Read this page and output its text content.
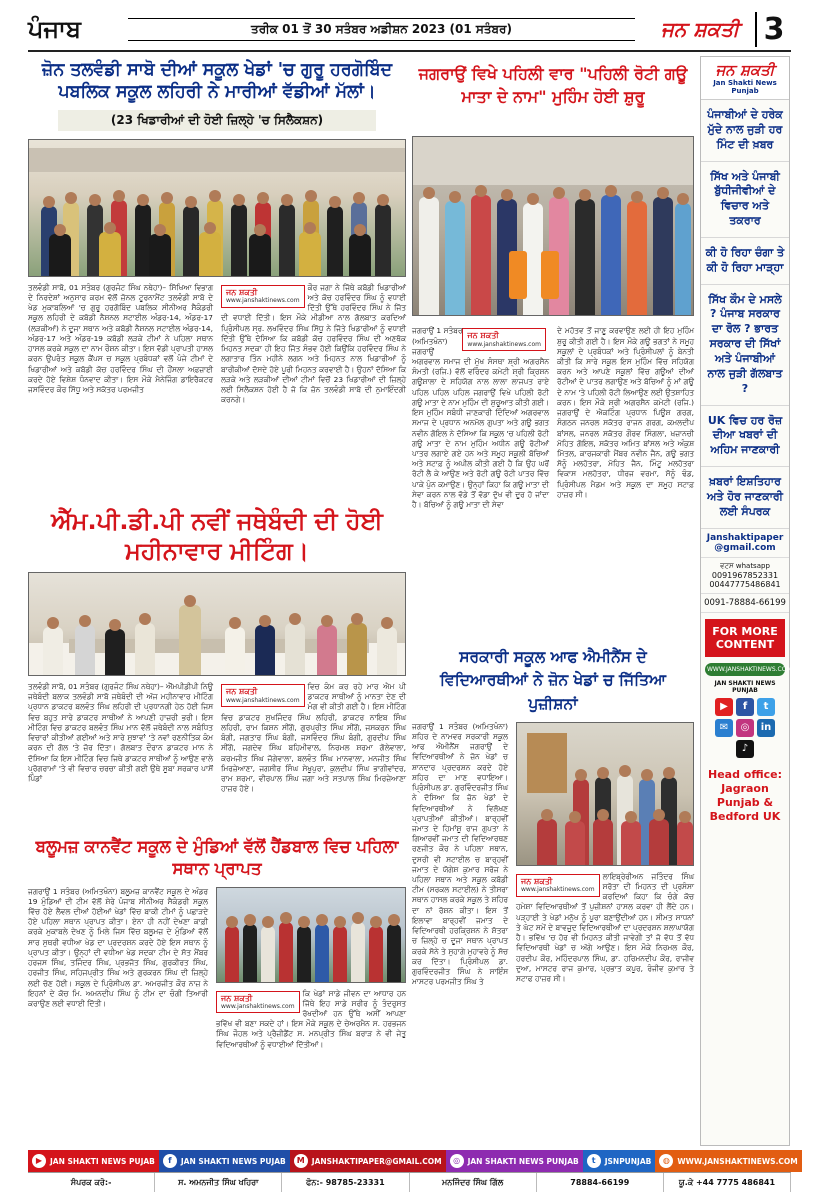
ਪੰਜਾਬ	ਤਰੀਕ 01 ਤੋਂ 30 ਸਤੰਬਰ ਅਡੀਸ਼ਨ 2023 (01 ਸਤੰਬਰ)	ਜਨ ਸ਼ਕਤੀ 3
ਜ਼ੋਨ ਤਲਵੰਡੀ ਸਾਬੋ ਦੀਆਂ ਸਕੂਲ ਖੇਡਾਂ 'ਚ ਗੁਰੂ ਹਰਗੋਬਿੰਦ ਪਬਲਿਕ ਸਕੂਲ ਲਹਿਰੀ ਨੇ ਮਾਰੀਆਂ ਵੱਡੀਆਂ ਮੱਲਾਂ।
(23 ਖਿਡਾਰੀਆਂ ਦੀ ਹੋਈ ਜ਼ਿਲ੍ਹੇ 'ਚ ਸਿਲੈਕਸ਼ਨ)

ਤਲਵੰਡੀ ਸਾਬੋ, 01 ਸਤੰਬਰ (ਗੁਰਜੰਟ ਸਿੰਘ ਨਥੇਹਾ)– ਸਿੱਖਿਆ ਵਿਭਾਗ ਦੇ ਨਿਰਦੇਸ਼ਾਂ ਅਨੁਸਾਰ ਕਰਮ ਵੱਲੋਂ ਜ਼ੋਨਲ ਟੂਰਨਾਮੈਂਟ ਤਲਵੰਡੀ ਸਾਬੋ ਦੇ ਖੇਡ ਮੁਕਾਬਲਿਆਂ 'ਚ ਗੁਰੂ ਹਰਗੋਬਿੰਦ ਪਬਲਿਕ ਸੀਨੀਅਰ ਸੈਕੰਡਰੀ ਸਕੂਲ ਲਹਿਰੀ ਦੇ ਕਬੱਡੀ ਨੈਸ਼ਨਲ ਸਟਾਈਲ ਅੰਡਰ-14, ਅੰਡਰ-17 (ਲੜਕੀਆਂ) ਨੇ ਦੂਜਾ ਸਥਾਨ ਅਤੇ ਕਬੱਡੀ ਨੈਸ਼ਨਲ ਸਟਾਈਲ ਅੰਡਰ-14, ਅੰਡਰ-17 ਅਤੇ ਅੰਡਰ-19 ਕਬੱਡੀ ਲੜਕੇ ਟੀਮਾਂ ਨੇ ਪਹਿਲਾ ਸਥਾਨ ਹਾਸਲ ਕਰਕੇ ਸਕੂਲ ਦਾ ਨਾਮ ਰੌਸ਼ਨ ਕੀਤਾ। ਇਸ ਵੱਡੀ ਪ੍ਰਾਪਤੀ ਹਾਸਲ ਕਰਨ ਉਪਰੰਤ ਸਕੂਲ ਕੈਂਪਸ ਚ ਸਕੂਲ ਪ੍ਰਬੰਧਕਾਂ ਵਲੋਂ ਪੰਜੇ ਟੀਮਾਂ ਦੇ ਖਿਡਾਰੀਆਂ ਅਤੇ ਕਬੱਡੀ ਕੋਚ ਹਰਵਿੰਦਰ ਸਿੰਘ ਦੀ ਹੌਂਸਲਾ ਅਫ਼ਜ਼ਾਈ ਕਰਦੇ ਹੋਏ ਵਿਸ਼ੇਸ਼ ਧੰਨਵਾਦ ਕੀਤਾ। ਇਸ ਮੌਕੇ ਮੈਨੇਜਿੰਗ ਡਾਇਰੈਕਟਰ ਜਸਵਿੰਦਰ ਕੌਰ ਸਿੱਧੂ ਅਤੇ ਸਕੱਤਰ ਪਰਮਜੀਤ

ਜਨ ਸ਼ਕਤੀ
www.janshaktinews.com

ਕੌਰ ਜਗਾ ਨੇ ਜਿੱਥੇ ਕਬੱਡੀ ਖਿਡਾਰੀਆਂ ਅਤੇ ਕੋਚ ਹਰਵਿੰਦਰ ਸਿੰਘ ਨੂੰ ਵਧਾਈ ਦਿੱਤੀ ਉੱਥੇ ਹਰਵਿੰਦਰ ਸਿੰਘ ਨੇ ਜਿੱਤ ਦੀ ਵਧਾਈ ਦਿੱਤੀ। ਇਸ ਮੌਕੇ ਮੀਡੀਆ ਨਾਲ ਗੱਲਬਾਤ ਕਰਦਿਆਂ ਪ੍ਰਿੰਸੀਪਲ ਸ੍ਰ. ਲਖਵਿੰਦਰ ਸਿੰਘ ਸਿੱਧੂ ਨੇ ਜਿੱਤੇ ਖਿਡਾਰੀਆਂ ਨੂੰ ਵਧਾਈ ਦਿੱਤੀ ਉੱਥੇ ਦੱਸਿਆ ਕਿ ਕਬੱਡੀ ਕੋਚ ਹਰਵਿੰਦਰ ਸਿੰਘ ਦੀ ਅਣਥੱਕ ਮਿਹਨਤ ਸਦਕਾ ਹੀ ਇਹ ਜਿੱਤ ਸੰਭਵ ਹੋਈ ਕਿਉਂਕਿ ਹਰਵਿੰਦਰ ਸਿੰਘ ਨੇ ਲਗਾਤਾਰ ਤਿੰਨ ਮਹੀਨੇ ਲਗਨ ਅਤੇ ਮਿਹਨਤ ਨਾਲ ਖਿਡਾਰੀਆਂ ਨੂੰ ਬਾਰੀਕੀਆਂ ਦੱਸਦੇ ਹੋਏ ਪੂਰੀ ਮਿਹਨਤ ਕਰਵਾਈ ਹੈ। ਉਹਨਾਂ ਦੱਸਿਆ ਕਿ ਲੜਕੇ ਅਤੇ ਲੜਕੀਆਂ ਦੀਆਂ ਟੀਮਾਂ ਵਿਚੋਂ 23 ਖਿਡਾਰੀਆਂ ਦੀ ਜ਼ਿਲ੍ਹੇ ਲਈ ਸਿਲੈਕਸ਼ਨ ਹੋਈ ਹੈ ਜੋ ਕਿ ਜ਼ੋਨ ਤਲਵੰਡੀ ਸਾਬੋ ਦੀ ਨੁਮਾਇੰਦਗੀ ਕਰਨਗੇ।

ਐੱਮ.ਪੀ.ਡੀ.ਪੀ ਨਵੀਂ ਜਥੇਬੰਦੀ ਦੀ ਹੋਈ ਮਹੀਨਾਵਾਰ ਮੀਟਿੰਗ।

ਤਲਵੰਡੀ ਸਾਬੋ, 01 ਸਤੰਬਰ (ਗੁਰਜੰਟ ਸਿੰਘ ਨਥੇਹਾ)– ਐੱਮਪੀਡੀਪੀ ਨਿਊ ਜਥੇਬੰਦੀ ਬਲਾਕ ਤਲਵੰਡੀ ਸਾਬੋ ਜਥੇਬੰਦੀ ਦੀ ਅੱਜ ਮਹੀਨਾਵਾਰ ਮੀਟਿੰਗ ਪ੍ਰਧਾਨ ਡਾਕਟਰ ਬਲਵੰਤ ਸਿੰਘ ਲਹਿਰੀ ਦੀ ਪ੍ਰਧਾਨਗੀ ਹੇਠ ਹੋਈ ਜਿਸ ਵਿਚ ਬਹੁਤ ਸਾਰੇ ਡਾਕਟਰ ਸਾਥੀਆਂ ਨੇ ਆਪਣੀ ਹਾਜ਼ਰੀ ਭਰੀ। ਇਸ ਮੀਟਿੰਗ ਵਿਚ ਡਾਕਟਰ ਬਲਵੰਤ ਸਿੰਘ ਮਾਨ ਵੱਲੋਂ ਜਥੇਬੰਦੀ ਨਾਲ ਸਬੰਧਿਤ ਵਿਚਾਰਾਂ ਕੀਤੀਆਂ ਗਈਆਂ ਅਤੇ ਸਾਰੇ ਸੁਝਾਵਾਂ 'ਤੇ ਨਵਾਂ ਰਣਨੀਤਿਕ ਕੰਮ ਕਰਨ ਦੀ ਗੱਲ 'ਤੇ ਜ਼ੋਰ ਦਿੱਤਾ। ਗੱਲਬਾਤ ਦੌਰਾਨ ਡਾਕਟਰ ਮਾਨ ਨੇ ਦੱਸਿਆ ਕਿ ਇਸ ਮੀਟਿੰਗ ਵਿਚ ਜਿਥੇ ਡਾਕਟਰ ਸਾਥੀਆਂ ਨੂੰ ਆਉਣ ਵਾਲੇ ਪ੍ਰੋਗਰਾਮਾਂ 'ਤੇ ਵੀ ਵਿਚਾਰ ਚਰਚਾ ਕੀਤੀ ਗਈ ਉਥੇ ਸੂਬਾ ਸਰਕਾਰ ਪਾਸੋਂ ਪਿੰਡਾਂ

ਜਨ ਸ਼ਕਤੀ
www.janshaktinews.com

ਵਿਚ ਕੰਮ ਕਰ ਰਹੇ ਮਾਰ ਐਮ ਪੀ ਡਾਕਟਰ ਸਾਥੀਆਂ ਨੂੰ ਮਾਨਤਾ ਦੇਣ ਦੀ ਮੰਗ ਵੀ ਕੀਤੀ ਗਈ ਹੈ। ਇਸ ਮੀਟਿੰਗ ਵਿਚ ਡਾਕਟਰ ਸੁਖਜਿੰਦਰ ਸਿੰਘ ਲਹਿਰੀ, ਡਾਕਟਰ ਨਾਇਬ ਸਿੰਘ ਲਹਿਰੀ, ਰਾਮ ਕਿਸ਼ਨ ਸੀਂਗੋ, ਗੁਰਪ੍ਰੀਤ ਸਿੰਘ ਸੀਂਗੋ, ਜਸਕਰਨ ਸਿੰਘ ਬੰਗੀ, ਜਗਤਾਰ ਸਿੰਘ ਬੰਗੀ, ਜਸਵਿੰਦਰ ਸਿੰਘ ਬੰਗੀ, ਗੁਰਦੀਪ ਸਿੰਘ ਸੀਂਗੋ, ਜਗਦੇਵ ਸਿੰਘ ਬਹਿਮੀਵਾਲ, ਨਿਰਮਲ ਸ਼ਰਮਾ ਗੋਲੇਵਾਲਾ, ਕਰਮਜੀਤ ਸਿੰਘ ਜੋਗੇਵਾਲਾ, ਬਲਵੰਤ ਸਿੰਘ ਮਾਨਵਾਲਾ, ਮਨਜੀਤ ਸਿੰਘ ਮਿਰਜ਼ੇਆਣਾ, ਜਗਸੀਰ ਸਿੰਘ ਸੇਖੂਪੁਰਾ, ਕੁਲਦੀਪ ਸਿੰਘ ਭਾਗੀਵਾਂਦਰ, ਰਾਮ ਸ਼ਰਮਾ, ਵੀਰਪਾਲ ਸਿੰਘ ਜਗਾ ਅਤੇ ਸਤਪਾਲ ਸਿੰਘ ਮਿਰਜ਼ੇਆਣਾ ਹਾਜ਼ਰ ਹੋਏ।

ਬਲੂਮਜ਼ ਕਾਨਵੈਂਟ ਸਕੂਲ ਦੇ ਮੁੰਡਿਆਂ ਵੱਲੋਂ ਹੈਂਡਬਾਲ ਵਿਚ ਪਹਿਲਾ ਸਥਾਨ ਪ੍ਰਾਪਤ

ਜਗਰਾਉਂ 1 ਸਤੰਬਰ (ਅਮਿਤਖੰਨਾ) ਬਲੂਮਜ਼ ਕਾਨਵੈਂਟ ਸਕੂਲ ਦੇ ਅੰਡਰ 19 ਮੁੰਡਿਆਂ ਦੀ ਟੀਮ ਵੱਲੋਂ ਸ਼ੇਰੇ ਪੰਜਾਬ ਸੀਨੀਅਰ ਸੈਕੰਡਰੀ ਸਕੂਲ ਵਿੱਚ ਹੋਏ ਲੈਵਲ ਦੀਆਂ ਹੋਈਆਂ ਖੇਡਾਂ ਵਿੱਚ ਬਾਕੀ ਟੀਮਾਂ ਨੂੰ ਪਛਾੜਦੇ ਹੋਏ ਪਹਿਲਾ ਸਥਾਨ ਪ੍ਰਾਪਤ ਕੀਤਾ। ਏਨਾ ਹੀ ਨਹੀਂ ਦੇਖਣਾ ਕਾਫ਼ੀ ਕਰਕੇ ਮੁਕਾਬਲੇ ਦੇਖਣ ਨੂੰ ਮਿਲੇ ਜਿਸ ਵਿੱਚ ਬਲੂਮਜ਼ ਦੇ ਮੁੰਡਿਆਂ ਵੱਲੋਂ ਸਾਰ ਸੁਥਰੀ ਵਧੀਆ ਖੇਡ ਦਾ ਪ੍ਰਦਰਸ਼ਨ ਕਰਦੇ ਹੋਏ ਇਸ ਸਥਾਨ ਨੂੰ ਪ੍ਰਾਪਤ ਕੀਤਾ। ਉਨ੍ਹਾਂ ਦੀ ਵਧੀਆ ਖੇਡ ਸਦਕਾ ਟੀਮ ਦੇ ਸੱਤ ਮੈਂਬਰ ਹਰਜਸ ਸਿੰਘ, ਤਜਿੰਦਰ ਸਿੰਘ, ਪ੍ਰਭਜੋਤ ਸਿੰਘ, ਗੁਰਕੀਰਤ ਸਿੰਘ, ਹਰਜੀਤ ਸਿੰਘ, ਸਹਿਜਪ੍ਰੀਤ ਸਿੰਘ ਅਤੇ ਗੁਰਕਰਨ ਸਿੰਘ ਦੀ ਜ਼ਿਲ੍ਹੇ ਲਈ ਚੋਣ ਹੋਈ। ਸਕੂਲ ਦੇ ਪ੍ਰਿੰਸੀਪਲ ਡਾ. ਅਮਰਜੀਤ ਕੌਰ ਨਾਜ਼ ਨੇ ਇਹਨਾਂ ਦੇ ਕੋਚ ਮਿ. ਅਮਨਦੀਪ ਸਿੰਘ ਨੂੰ ਟੀਮ ਦਾ ਚੰਗੀ ਤਿਆਰੀ ਕਰਾਉਣ ਲਈ ਵਧਾਈ ਦਿੱਤੀ।

ਜਨ ਸ਼ਕਤੀ
www.janshaktinews.com

ਕਿ ਖੇਡਾਂ ਸਾਡੇ ਜੀਵਨ ਦਾ ਆਧਾਰ ਹਨ ਜਿੱਥੇ ਇਹ ਸਾਡੇ ਸਰੀਰ ਨੂੰ ਤੰਦਰੁਸਤ ਰੱਖਦੀਆਂ ਹਨ ਉੱਥੇ ਅਸੀਂ ਆਪਣਾ ਭਵਿੱਖ ਵੀ ਬਣਾ ਸਕਦੇ ਹਾਂ। ਇਸ ਮੌਕੇ ਸਕੂਲ ਦੇ ਚੇਅਰਮੈਨ ਸ. ਹਰਭਜਨ ਸਿੰਘ ਜੌਹਲ ਅਤੇ ਪ੍ਰੈਜ਼ੀਡੈਂਟ ਸ. ਮਨਪ੍ਰੀਤ ਸਿੰਘ ਬਰਾੜ ਨੇ ਵੀ ਜੇਤੂ ਵਿਦਿਆਰਥੀਆਂ ਨੂੰ ਵਧਾਈਆਂ ਦਿੱਤੀਆਂ।

ਜਗਰਾਉਂ ਵਿਖੇ ਪਹਿਲੀ ਵਾਰ "ਪਹਿਲੀ ਰੋਟੀ ਗਊ ਮਾਤਾ ਦੇ ਨਾਮ" ਮੁਹਿੰਮ ਹੋਈ ਸ਼ੁਰੂ
ਜਨ ਸ਼ਕਤੀ
www.janshaktinews.com

ਜਗਰਾਉਂ 1 ਸਤੰਬਰ (ਅਮਿਤਖੰਨਾ) ਜਗਰਾਉਂ ਅਗਰਵਾਲ ਸਮਾਜ ਦੀ ਮੁੱਖ ਸੰਸਥਾ ਸ਼੍ਰੀ ਅਗਰਸੈਨ ਸੰਮਤੀ (ਰਜਿ.) ਵੱਲੋਂ ਵਰਿੰਦਰ ਕਮੇਟੀ ਸ਼੍ਰੀ ਕ੍ਰਿਸ਼ਨ ਗਊਸ਼ਾਲਾ ਦੇ ਸਹਿਯੋਗ ਨਾਲ ਲਾਲਾ ਲਾਜਪਤ ਰਾਏ ਪਹਿਲ ਪਹਿਲ ਪਹਿਲ ਜਗਰਾਉਂ ਵਿਖੇ ਪਹਿਲੀ ਰੋਟੀ ਗਊ ਮਾਤਾ ਦੇ ਨਾਮ ਮੁਹਿੰਮ ਦੀ ਸ਼ੁਰੂਆਤ ਕੀਤੀ ਗਈ। ਇਸ ਮੁਹਿੰਮ ਸਬੰਧੀ ਜਾਣਕਾਰੀ ਦਿੰਦਿਆਂ ਅਗਰਵਾਲ ਸਮਾਜ ਦੇ ਪ੍ਰਧਾਨ ਅਨਮੋਲ ਗੁਪਤਾ ਅਤੇ ਗਊ ਭਗਤ ਨਵੀਨ ਗੋਇਲ ਨੇ ਦੱਸਿਆ ਕਿ ਸਕੂਲ 'ਚ ਪਹਿਲੀ ਰੋਟੀ ਗਊ ਮਾਤਾ ਦੇ ਨਾਮ ਮੁਹਿੰਮ ਅਧੀਨ ਗਊ ਰੋਟੀਆਂ ਪਾਤਰ ਲਗਾਏ ਗਏ ਹਨ ਅਤੇ ਸਮੂਹ ਸਕੂਲੀ ਬੱਚਿਆਂ ਅਤੇ ਸਟਾਫ਼ ਨੂੰ ਅਪੀਲ ਕੀਤੀ ਗਈ ਹੈ ਕਿ ਉਹ ਘਰੋਂ ਰੋਟੀ ਲੈ ਕੇ ਆਉਣ ਅਤੇ ਰੋਟੀ ਗਊ ਰੋਟੀ ਪਾਤਰ ਵਿੱਚ ਪਾਕੇ ਪੁੰਨ ਕਮਾਉਣ। ਉਨ੍ਹਾਂ ਕਿਹਾ ਕਿ ਗਊ ਮਾਤਾ ਦੀ ਸੇਵਾ ਕਰਨ ਨਾਲ ਵੱਡੇ ਤੋਂ ਵੱਡਾ ਦੁੱਖ ਵੀ ਦੂਰ ਹੋ ਜਾਂਦਾ ਹੈ। ਬੱਚਿਆਂ ਨੂੰ ਗਊ ਮਾਤਾ ਦੀ ਸੇਵਾ

ਦੇ ਮਹੱਤਵ ਤੋਂ ਜਾਣੂ ਕਰਵਾਉਣ ਲਈ ਹੀ ਇਹ ਮੁਹਿੰਮ ਸ਼ੁਰੂ ਕੀਤੀ ਗਈ ਹੈ। ਇਸ ਮੌਕੇ ਗਊ ਭਗਤਾਂ ਨੇ ਸਮੂਹ ਸਕੂਲਾਂ ਦੇ ਪ੍ਰਬੰਧਕਾਂ ਅਤੇ ਪ੍ਰਿੰਸੀਪਲਾਂ ਨੂੰ ਬੇਨਤੀ ਕੀਤੀ ਕਿ ਸਾਰੇ ਸਕੂਲ ਇਸ ਮੁਹਿੰਮ ਵਿੱਚ ਸਹਿਯੋਗ ਕਰਨ ਅਤੇ ਆਪਣੇ ਸਕੂਲਾਂ ਵਿੱਚ ਗਊਆਂ ਦੀਆਂ ਰੋਟੀਆਂ ਦੇ ਪਾਤਰ ਲਗਾਉਣ ਅਤੇ ਬੱਚਿਆਂ ਨੂੰ ਮਾਂ ਗਊ ਦੇ ਨਾਮ 'ਤੇ ਪਹਿਲੀ ਰੋਟੀ ਲਿਆਉਣ ਲਈ ਉਤਸ਼ਾਹਿਤ ਕਰਨ। ਇਸ ਮੌਕੇ ਸ਼੍ਰੀ ਅਗਰਸੈਨ ਕਮੇਟੀ (ਰਜਿ.) ਜਗਰਾਉਂ ਦੇ ਐਕਟਿੰਗ ਪ੍ਰਧਾਨ ਪਿਊਸ਼ ਗਰਗ, ਸੰਗਠਨ ਜਨਰਲ ਸਕੱਤਰ ਰਾਜਨ ਗਰਗ, ਕਮਲਦੀਪ ਬਾਂਸਲ, ਜਨਰਲ ਸਕੱਤਰ ਗੌਰਵ ਸਿੰਗਲਾ, ਖ਼ਜ਼ਾਨਚੀ ਮੋਹਿਤ ਗੋਇਲ, ਸਕੱਤਰ ਅਮਿਤ ਬਾਂਸਲ ਅਤੇ ਅੰਕੁਸ਼ ਮਿੱਤਲ, ਕਾਰਜਕਾਰੀ ਮੈਂਬਰ ਨਵੀਨ ਜੈਨ, ਗਊ ਭਗਤ ਸੋਨੂੰ ਮਲਹੋਤਰਾ, ਮੋਹਿਤ ਜੈਨ, ਮਿੰਟੂ ਮਲਹੋਤਰਾ ਵਿਕਾਸ ਮਲਹੋਤਰਾ, ਧੀਰਜ ਵਰਮਾ, ਸੋਨੂੰ ਢੰਡ, ਪ੍ਰਿੰਸੀਪਲ ਮੈਡਮ ਅਤੇ ਸਕੂਲ ਦਾ ਸਮੂਹ ਸਟਾਫ਼ ਹਾਜ਼ਰ ਸੀ।

ਸਰਕਾਰੀ ਸਕੂਲ ਆਫ ਐਮੀਨੈਂਸ ਦੇ ਵਿਦਿਆਰਥੀਆਂ ਨੇ ਜ਼ੋਨ ਖੇਡਾਂ ਚ ਜਿੱਤਿਆ ਪੁਜ਼ੀਸ਼ਨਾਂ

ਜਗਰਾਉਂ 1 ਸਤੰਬਰ (ਅਮਿਤਖੰਨਾ) ਸ਼ਹਿਰ ਦੇ ਨਾਮਵਰ ਸਰਕਾਰੀ ਸਕੂਲ ਆਫ ਐਮੀਨੈਂਸ ਜਗਰਾਉਂ ਦੇ ਵਿਦਿਆਰਥੀਆਂ ਨੇ ਜ਼ੋਨ ਖੇਡਾਂ ਚ ਸ਼ਾਨਦਾਰ ਪ੍ਰਦਰਸ਼ਨ ਕਰਦੇ ਹੋਏ ਸ਼ਹਿਰ ਦਾ ਮਾਣ ਵਧਾਇਆ। ਪ੍ਰਿੰਸੀਪਲ ਡਾ. ਗੁਰਵਿੰਦਰਜੀਤ ਸਿੰਘ ਨੇ ਦੱਸਿਆ ਕਿ ਜ਼ੋਨ ਖੇਡਾਂ ਦੇ ਵਿਦਿਆਰਥੀਆਂ ਨੇ ਵਿਲੱਖਣ ਪ੍ਰਾਪਤੀਆਂ ਕੀਤੀਆਂ। ਬਾਰ੍ਹਵੀਂ ਜਮਾਤ ਦੇ ਹਿਮਾਂਸ਼ੂ ਰਾਜ ਗੁਪਤਾ ਨੇ ਗਿਆਰਵੀਂ ਜਮਾਤ ਦੀ ਵਿਦਿਆਰਥਣ ਰਣਜੀਤ ਕੌਰ ਨੇ ਪਹਿਲਾ ਸਥਾਨ, ਦੁਸਰੀ ਵੀ ਸਟਾਈਲ ਚ ਬਾਰ੍ਹਵੀਂ ਜਮਾਤ ਦੇ ਯੋਗੇਸ਼ ਕੁਮਾਰ ਸਰੋਜ ਨੇ ਪਹਿਲਾ ਸਥਾਨ ਅਤੇ ਸਕੂਲ ਕਬੱਡੀ ਟੀਮ (ਸਰਕਲ ਸਟਾਈਲ) ਨੇ ਤੀਸਰਾ ਸਥਾਨ ਹਾਸਲ ਕਰਕੇ ਸਕੂਲ ਤੇ ਸ਼ਹਿਰ ਦਾ ਨਾਂ ਰੋਸ਼ਨ ਕੀਤਾ। ਇਸ ਤੋਂ ਇਲਾਵਾ ਬਾਰ੍ਹਵੀਂ ਜਮਾਤ ਦੇ ਵਿਦਿਆਰਥੀ ਹਰਕ੍ਰਿਸ਼ਨ ਨੇ ਸ਼ੱਤਰਾ ਚ ਜ਼ਿਲ੍ਹੇ ਚ ਦੂਜਾ ਸਥਾਨ ਪ੍ਰਾਪਤ ਕਰਕੇ ਸੋਨੇ ਤੇ ਸੁਹਾਗੇ ਮੁਹਾਵਰੇ ਨੂੰ ਸੱਚ ਕਰ ਦਿੱਤਾ। ਪ੍ਰਿੰਸੀਪਲ ਡਾ. ਗੁਰਵਿੰਦਰਜੀਤ ਸਿੰਘ ਨੇ ਸਾਇੰਸ ਮਾਸਟਰ ਪਰਮਜੀਤ ਸਿੰਘ ਤੇ

ਜਨ ਸ਼ਕਤੀ
www.janshaktinews.com

ਲਾਇਬ੍ਰੇਰੀਅਨ ਜਤਿੰਦਰ ਸਿੰਘ ਸਰੋਤਾ ਦੀ ਮਿਹਨਤ ਦੀ ਪ੍ਰਸੰਸਾ ਕਰਦਿਆਂ ਕਿਹਾ ਕਿ ਚੰਗੇ ਕੋਚ ਹਮੇਸ਼ਾ ਵਿਦਿਆਰਥੀਆਂ ਤੋਂ ਪੁਜ਼ੀਸ਼ਨਾਂ ਹਾਸਲ ਕਰਵਾ ਹੀ ਲੈਂਦੇ ਹਨ। ਪੜ੍ਹਾਈ ਤੇ ਖੇਡਾਂ ਮਨੁੱਖ ਨੂੰ ਪੂਰਾ ਬਣਾਉਂਦੀਆਂ ਹਨ। ਸੀਮਤ ਸਾਧਨਾਂ ਤੇ ਘੱਟ ਸਮੇਂ ਦੇ ਬਾਵਜੂਦ ਵਿਦਿਆਰਥੀਆਂ ਦਾ ਪ੍ਰਦਰਸ਼ਨ ਸ਼ਲਾਘਾਯੋਗ ਹੈ। ਭਵਿੱਖ 'ਚ ਹੋਰ ਵੀ ਮਿਹਨਤ ਕੀਤੀ ਜਾਵੇਗੀ ਤਾਂ ਜੋ ਵੱਧ ਤੋਂ ਵੱਧ ਵਿਦਿਆਰਥੀ ਖੇਡਾਂ ਚ ਅੱਗੇ ਆਉਣ। ਇਸ ਮੌਕੇ ਨਿਰਮਲ ਕੌਰ, ਹਰਦੀਪ ਕੌਰ, ਮਹਿੰਦਰਪਾਲ ਸਿੰਘ, ਡਾ. ਹਰਿਮਨਦੀਪ ਕੌਰ, ਰਾਜੀਵ ਦੁਆ, ਮਾਸਟਰ ਰਾਜ ਕੁਮਾਰ, ਪ੍ਰਭਾਤ ਕਪੂਰ, ਰੰਜੀਵ ਕੁਮਾਰ ਤੇ ਸਟਾਫ ਹਾਜ਼ਰ ਸੀ।

ਜਨ ਸ਼ਕਤੀ
Jan Shakti News Punjab
ਪੰਜਾਬੀਆਂ ਦੇ ਹਰੇਕ ਮੁੱਦੇ ਨਾਲ ਜੁੜੀ ਹਰ ਮਿੰਟ ਦੀ ਖ਼ਬਰ
ਸਿੱਖ ਅਤੇ ਪੰਜਾਬੀ ਬੁੱਧੀਜੀਵੀਆਂ ਦੇ ਵਿਚਾਰ ਅਤੇ ਤਕਰਾਰ
ਕੀ ਹੋ ਰਿਹਾ ਚੰਗਾ ਤੇ ਕੀ ਹੋ ਰਿਹਾ ਮਾੜ੍ਹਾ
ਸਿੱਖ ਕੌਮ ਦੇ ਮਸਲੇ ? ਪੰਜਾਬ ਸਰਕਾਰ ਦਾ ਰੋਲ ? ਭਾਰਤ ਸਰਕਾਰ ਦੀ ਸਿੱਖਾਂ ਅਤੇ ਪੰਜਾਬੀਆਂ ਨਾਲ ਜੁੜੀ ਗੱਲਬਾਤ ?
UK ਵਿਚ ਹਰ ਰੋਜ਼ ਦੀਆ ਖਬਰਾਂ ਦੀ ਅਹਿਮ ਜਾਣਕਾਰੀ
ਖ਼ਬਰਾਂ ਇਸ਼ਤਿਹਾਰ ਅਤੇ ਹੋਰ ਜਾਣਕਾਰੀ ਲਈ ਸੰਪਰਕ
Janshaktipaper @gmail.com
ਵਟਸ whatsapp
0091967852331
00447775486841
0091-78884-66199
FOR MORE CONTENT
WWW.JANSHAKTINEWS.COM
JAN SHAKTI NEWS PUNJAB
▶	f	t
✉	◎	in
♪
Head office: Jagraon Punjab & Bedford UK
▶	JAN SHAKTI NEWS PUJAB	f	JAN SHAKTI NEWS PUJAB	M JANSHAKTIPAPER@GMAIL.COM	◎	JAN SHAKTI NEWS PUNJAB	t	JSNPUNJAB	◍	WWW.JANSHAKTINEWS.COM
ਸੰਪਰਕ ਕਰੋ:-	ਸ. ਅਮਨਜੀਤ ਸਿੰਘ ਖਹਿਰਾ	ਫੋਨ:- 98785-23331	ਮਨਜਿੰਦਰ ਸਿੰਘ ਗਿੱਲ	78884-66199	ਯੂ.ਕੇ +44 7775 486841
